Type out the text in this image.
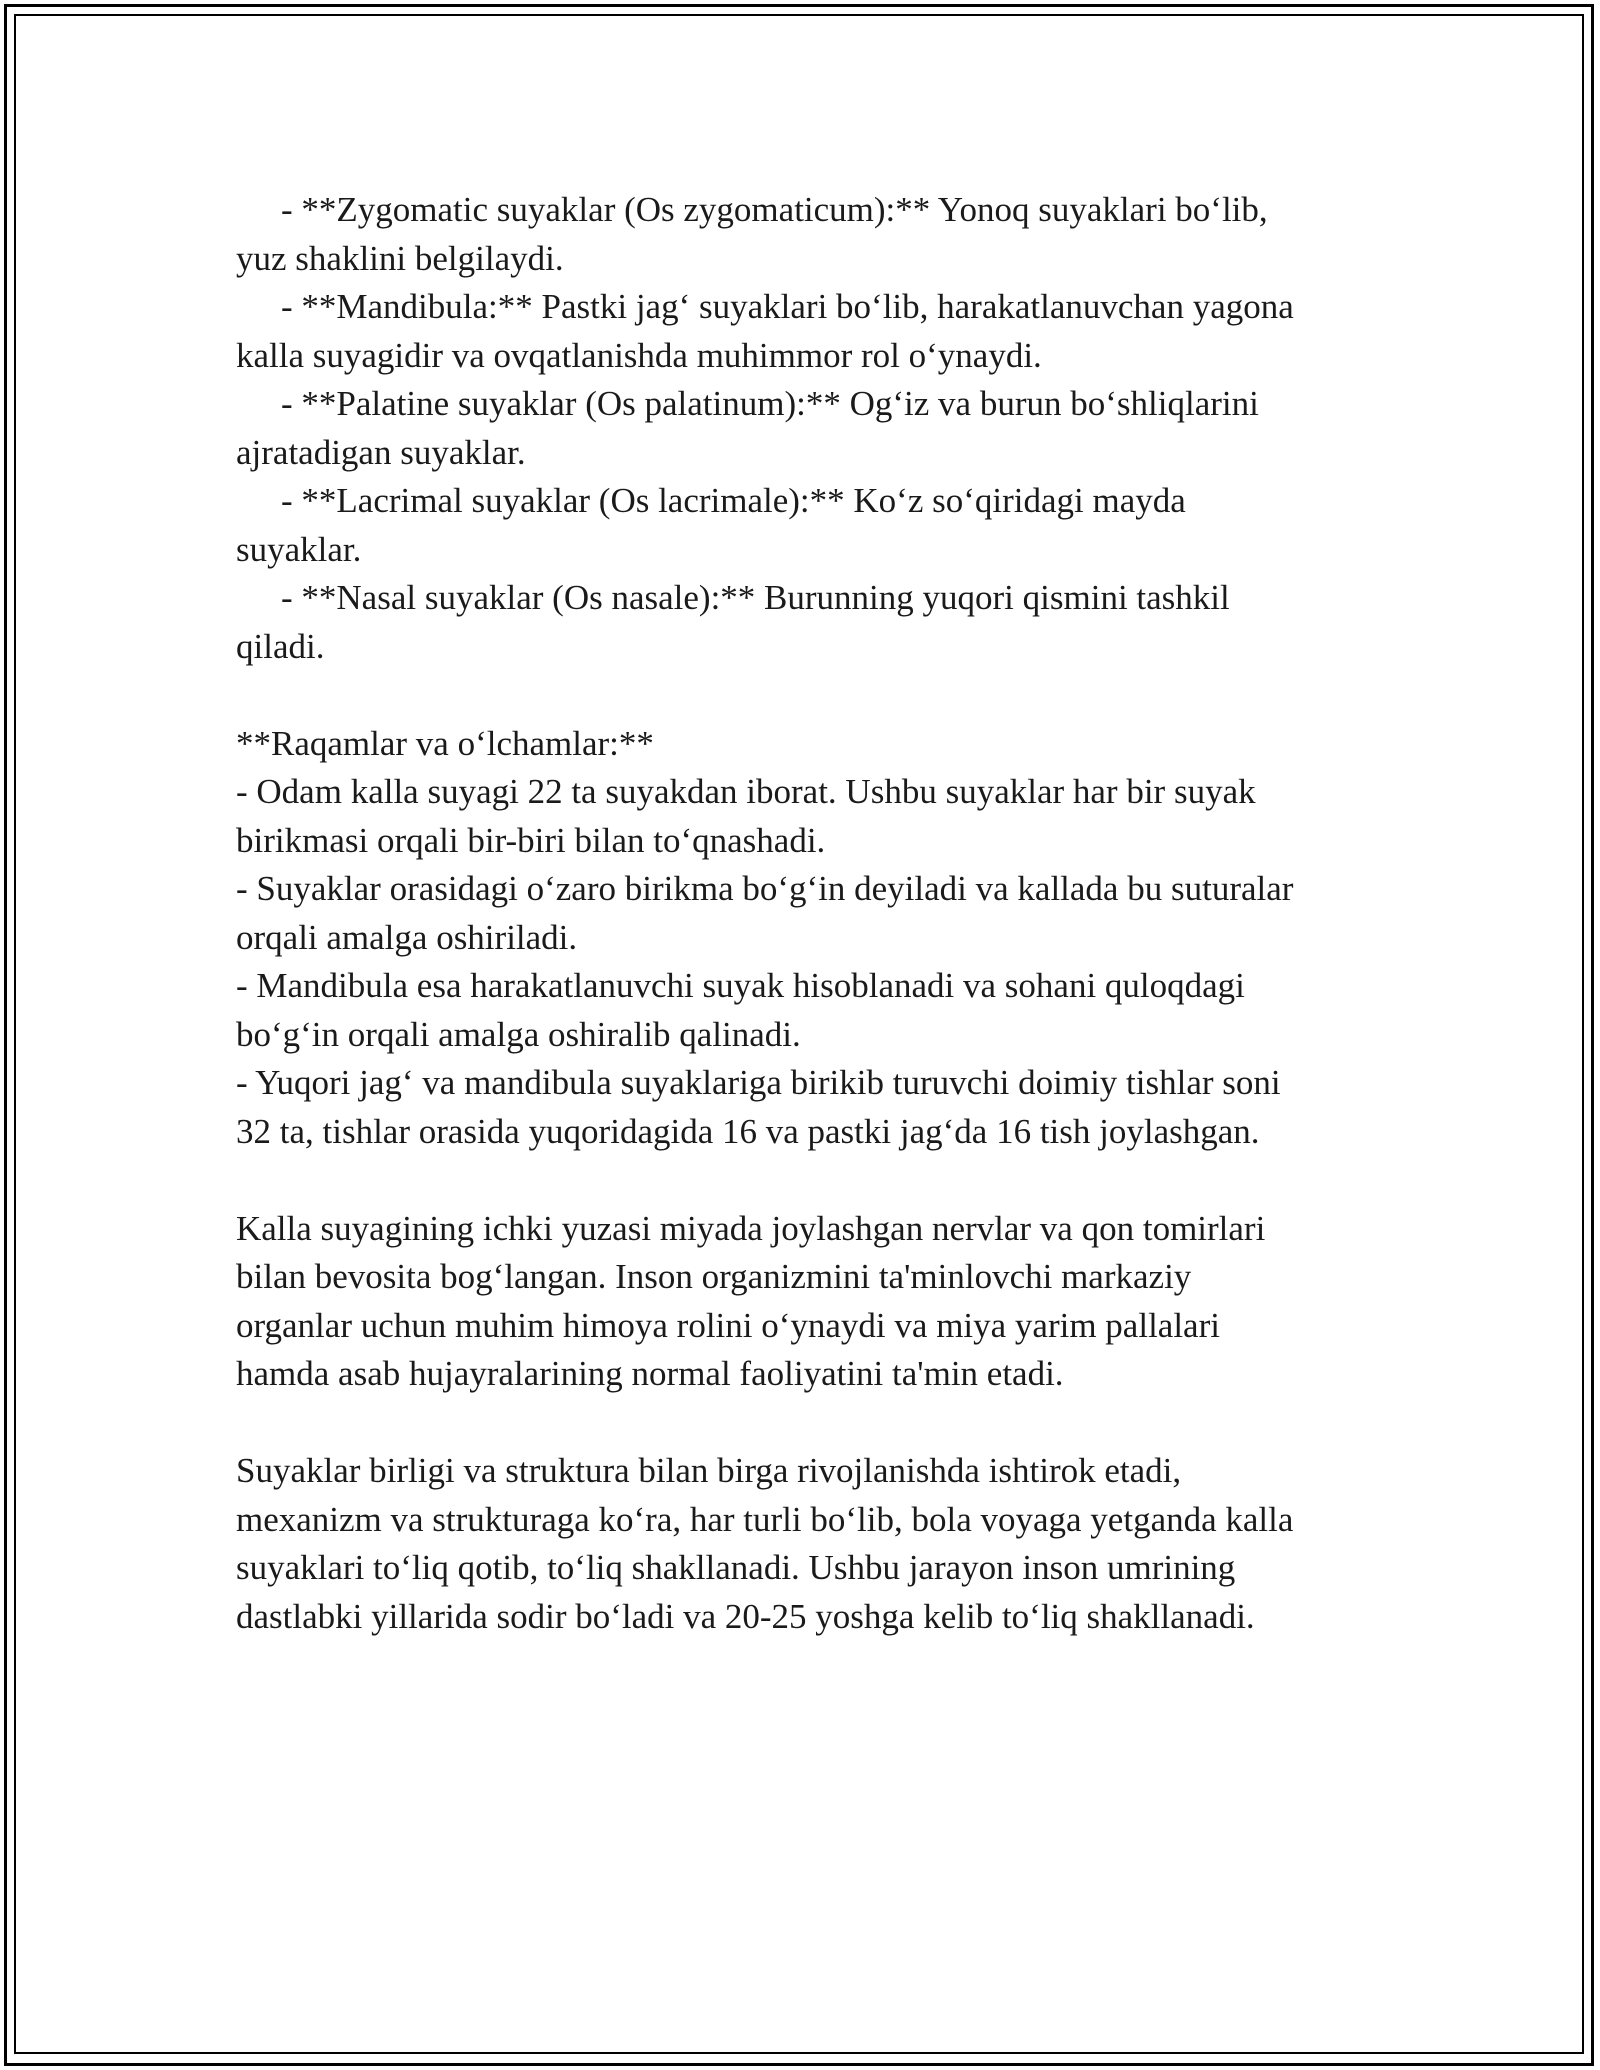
- **Zygomatic suyaklar (Os zygomaticum):** Yonoq suyaklari bo‘lib,
yuz shaklini belgilaydi.
- **Mandibula:** Pastki jag‘ suyaklari bo‘lib, harakatlanuvchan yagona
kalla suyagidir va ovqatlanishda muhimmor rol o‘ynaydi.
- **Palatine suyaklar (Os palatinum):** Og‘iz va burun bo‘shliqlarini
ajratadigan suyaklar.
- **Lacrimal suyaklar (Os lacrimale):** Ko‘z so‘qiridagi mayda
suyaklar.
- **Nasal suyaklar (Os nasale):** Burunning yuqori qismini tashkil
qiladi.
**Raqamlar va o‘lchamlar:**
- Odam kalla suyagi 22 ta suyakdan iborat. Ushbu suyaklar har bir suyak
birikmasi orqali bir-biri bilan to‘qnashadi.
- Suyaklar orasidagi o‘zaro birikma bo‘g‘in deyiladi va kallada bu suturalar
orqali amalga oshiriladi.
- Mandibula esa harakatlanuvchi suyak hisoblanadi va sohani quloqdagi
bo‘g‘in orqali amalga oshiralib qalinadi.
- Yuqori jag‘ va mandibula suyaklariga birikib turuvchi doimiy tishlar soni
32 ta, tishlar orasida yuqoridagida 16 va pastki jag‘da 16 tish joylashgan.
Kalla suyagining ichki yuzasi miyada joylashgan nervlar va qon tomirlari
bilan bevosita bog‘langan. Inson organizmini ta'minlovchi markaziy
organlar uchun muhim himoya rolini o‘ynaydi va miya yarim pallalari
hamda asab hujayralarining normal faoliyatini ta'min etadi.
Suyaklar birligi va struktura bilan birga rivojlanishda ishtirok etadi,
mexanizm va strukturaga ko‘ra, har turli bo‘lib, bola voyaga yetganda kalla
suyaklari to‘liq qotib, to‘liq shakllanadi. Ushbu jarayon inson umrining
dastlabki yillarida sodir bo‘ladi va 20-25 yoshga kelib to‘liq shakllanadi.
